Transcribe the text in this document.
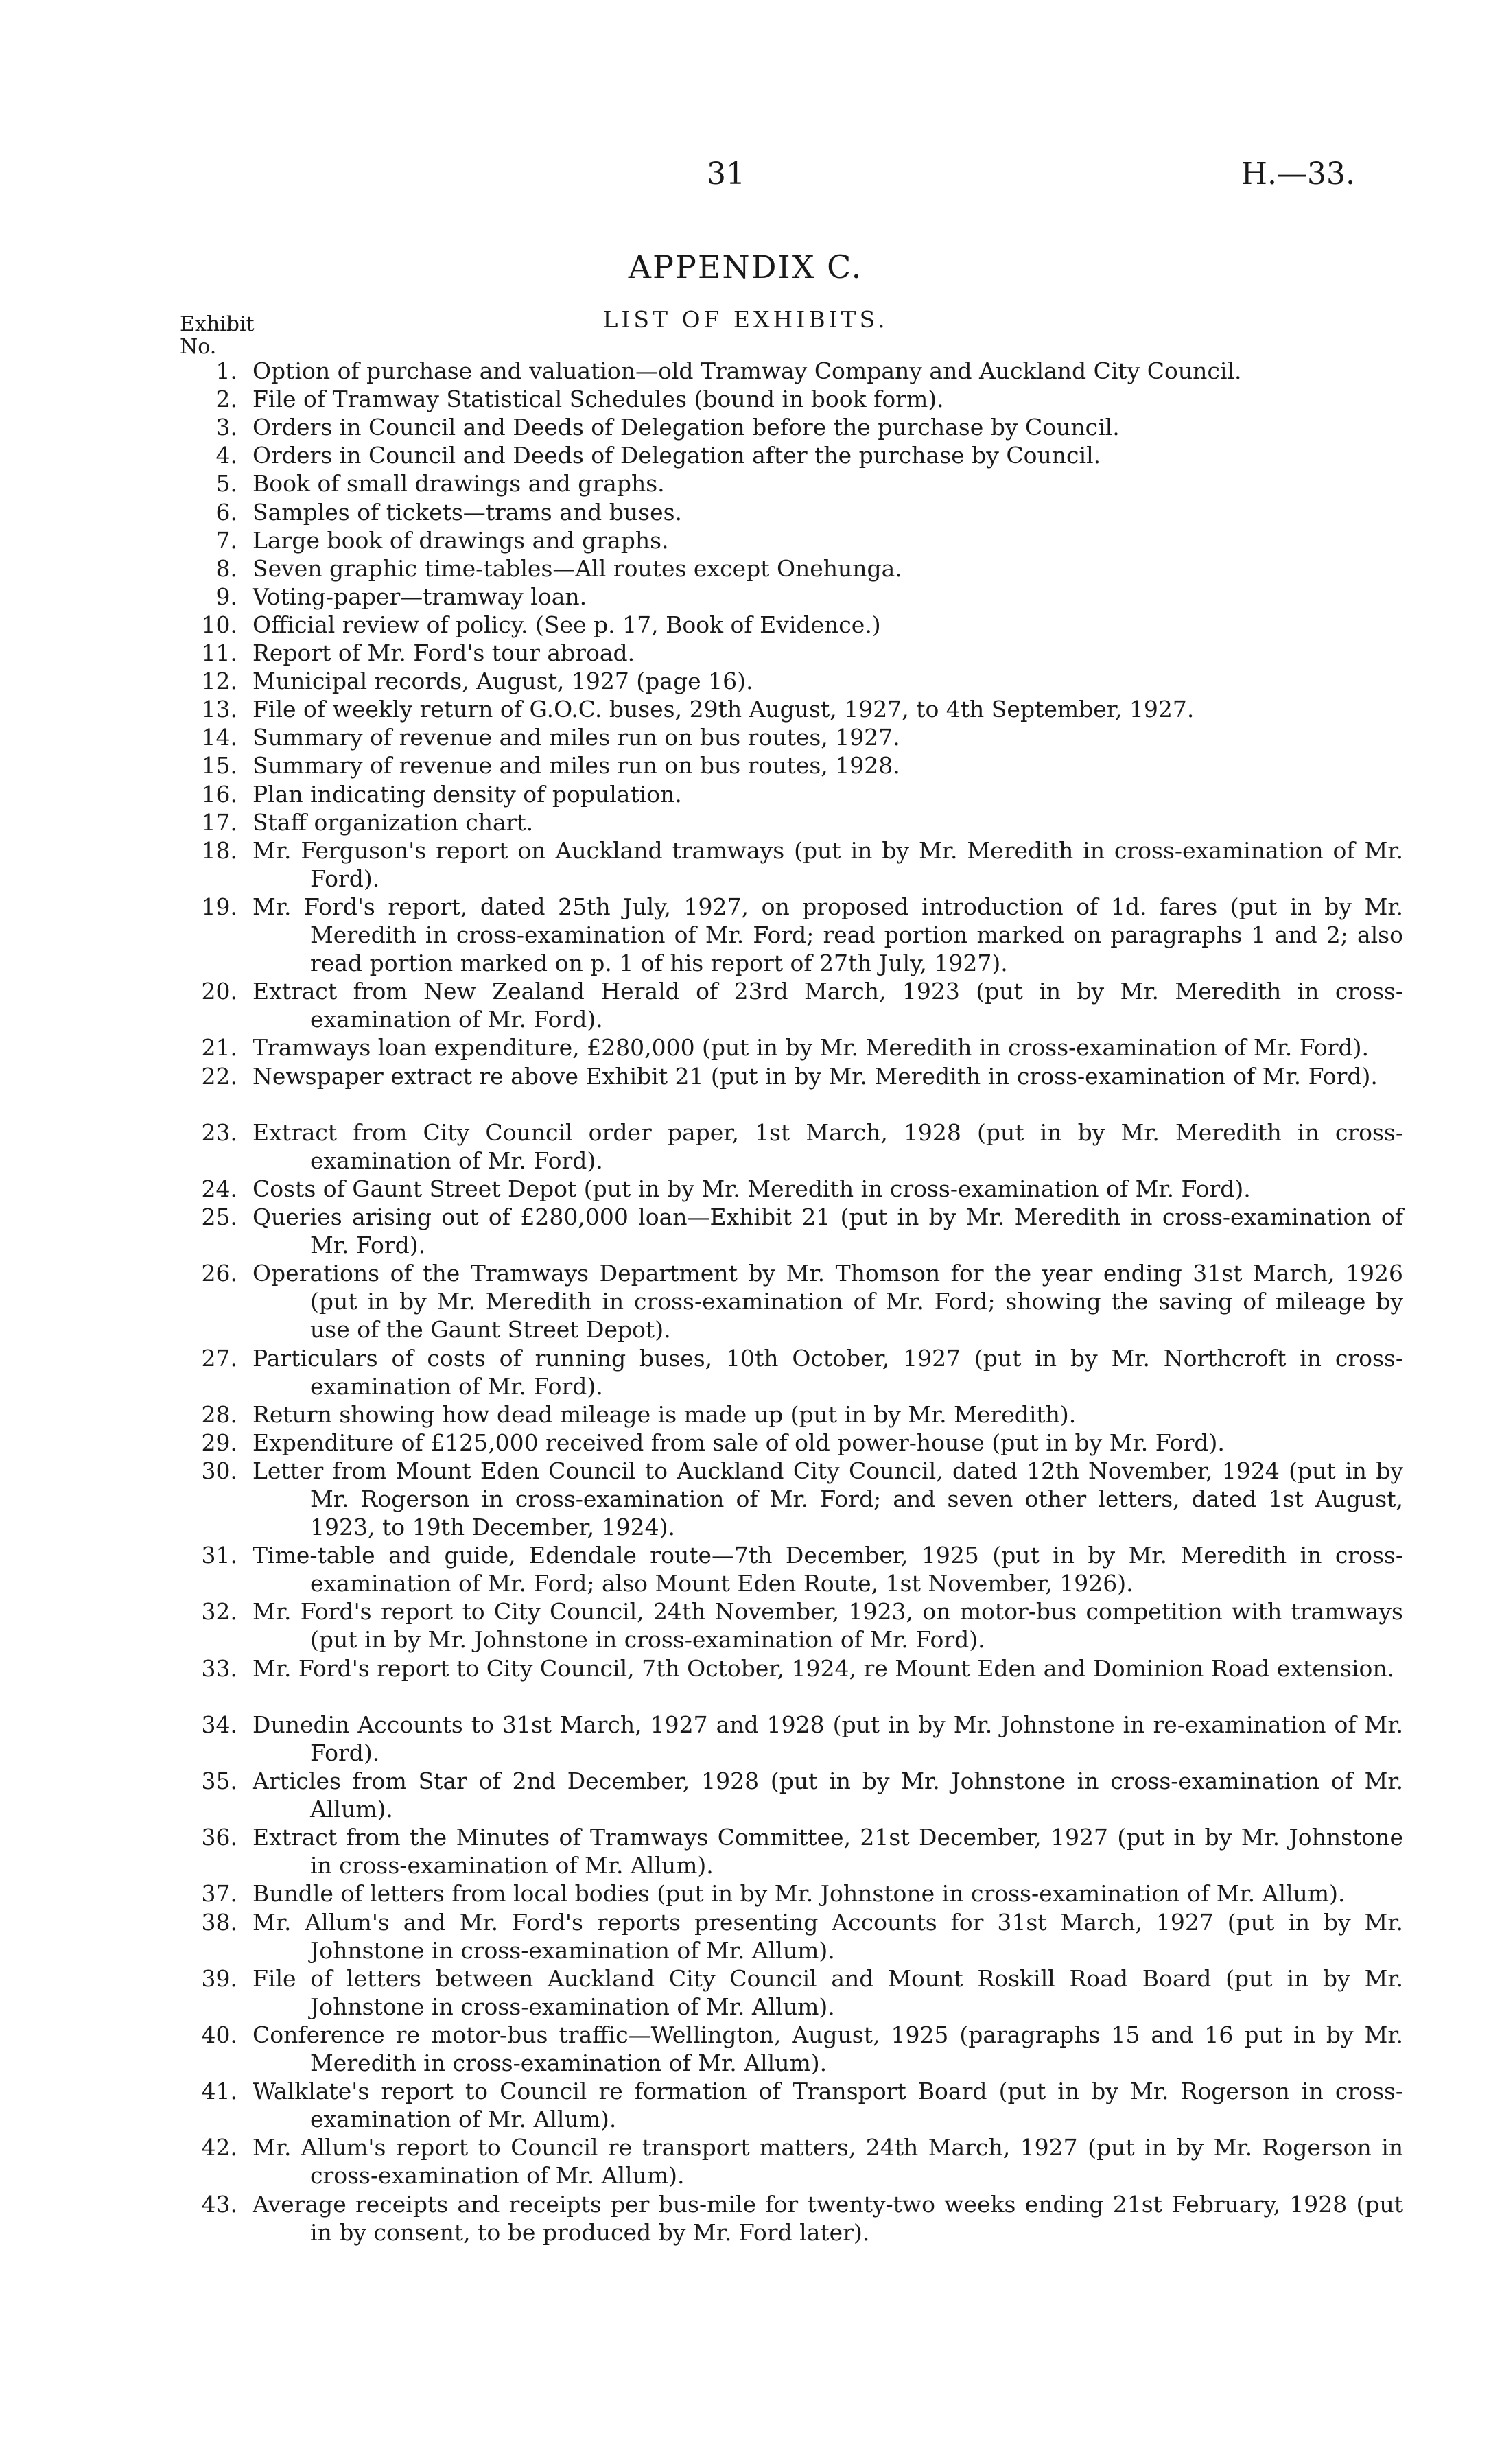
31	H.—33.
APPENDIX C.
LIST OF EXHIBITS.
Exhibit
No.
1. Option of purchase and valuation—old Tramway Company and Auckland City Council.
2. File of Tramway Statistical Schedules (bound in book form).
3. Orders in Council and Deeds of Delegation before the purchase by Council.
4. Orders in Council and Deeds of Delegation after the purchase by Council.
5. Book of small drawings and graphs.
6. Samples of tickets—trams and buses.
7. Large book of drawings and graphs.
8. Seven graphic time-tables—All routes except Onehunga.
9. Voting-paper—tramway loan.
10. Official review of policy. (See p. 17, Book of Evidence.)
11. Report of Mr. Ford's tour abroad.
12. Municipal records, August, 1927 (page 16).
13. File of weekly return of G.O.C. buses, 29th August, 1927, to 4th September, 1927.
14. Summary of revenue and miles run on bus routes, 1927.
15. Summary of revenue and miles run on bus routes, 1928.
16. Plan indicating density of population.
17. Staff organization chart.
18. Mr. Ferguson's report on Auckland tramways (put in by Mr. Meredith in cross-examination of Mr. Ford).
19. Mr. Ford's report, dated 25th July, 1927, on proposed introduction of 1d. fares (put in by Mr. Meredith in cross-examination of Mr. Ford; read portion marked on paragraphs 1 and 2; also read portion marked on p. 1 of his report of 27th July, 1927).
20. Extract from New Zealand Herald of 23rd March, 1923 (put in by Mr. Meredith in cross-examination of Mr. Ford).
21. Tramways loan expenditure, £280,000 (put in by Mr. Meredith in cross-examination of Mr. Ford).
22. Newspaper extract re above Exhibit 21 (put in by Mr. Meredith in cross-examination of Mr. Ford).
23. Extract from City Council order paper, 1st March, 1928 (put in by Mr. Meredith in cross-examination of Mr. Ford).
24. Costs of Gaunt Street Depot (put in by Mr. Meredith in cross-examination of Mr. Ford).
25. Queries arising out of £280,000 loan—Exhibit 21 (put in by Mr. Meredith in cross-examination of Mr. Ford).
26. Operations of the Tramways Department by Mr. Thomson for the year ending 31st March, 1926 (put in by Mr. Meredith in cross-examination of Mr. Ford; showing the saving of mileage by use of the Gaunt Street Depot).
27. Particulars of costs of running buses, 10th October, 1927 (put in by Mr. Northcroft in cross-examination of Mr. Ford).
28. Return showing how dead mileage is made up (put in by Mr. Meredith).
29. Expenditure of £125,000 received from sale of old power-house (put in by Mr. Ford).
30. Letter from Mount Eden Council to Auckland City Council, dated 12th November, 1924 (put in by Mr. Rogerson in cross-examination of Mr. Ford; and seven other letters, dated 1st August, 1923, to 19th December, 1924).
31. Time-table and guide, Edendale route—7th December, 1925 (put in by Mr. Meredith in cross-examination of Mr. Ford; also Mount Eden Route, 1st November, 1926).
32. Mr. Ford's report to City Council, 24th November, 1923, on motor-bus competition with tramways (put in by Mr. Johnstone in cross-examination of Mr. Ford).
33. Mr. Ford's report to City Council, 7th October, 1924, re Mount Eden and Dominion Road extension.
34. Dunedin Accounts to 31st March, 1927 and 1928 (put in by Mr. Johnstone in re-examination of Mr. Ford).
35. Articles from Star of 2nd December, 1928 (put in by Mr. Johnstone in cross-examination of Mr. Allum).
36. Extract from the Minutes of Tramways Committee, 21st December, 1927 (put in by Mr. Johnstone in cross-examination of Mr. Allum).
37. Bundle of letters from local bodies (put in by Mr. Johnstone in cross-examination of Mr. Allum).
38. Mr. Allum's and Mr. Ford's reports presenting Accounts for 31st March, 1927 (put in by Mr. Johnstone in cross-examination of Mr. Allum).
39. File of letters between Auckland City Council and Mount Roskill Road Board (put in by Mr. Johnstone in cross-examination of Mr. Allum).
40. Conference re motor-bus traffic—Wellington, August, 1925 (paragraphs 15 and 16 put in by Mr. Meredith in cross-examination of Mr. Allum).
41. Walklate's report to Council re formation of Transport Board (put in by Mr. Rogerson in cross-examination of Mr. Allum).
42. Mr. Allum's report to Council re transport matters, 24th March, 1927 (put in by Mr. Rogerson in cross-examination of Mr. Allum).
43. Average receipts and receipts per bus-mile for twenty-two weeks ending 21st February, 1928 (put in by consent, to be produced by Mr. Ford later).
